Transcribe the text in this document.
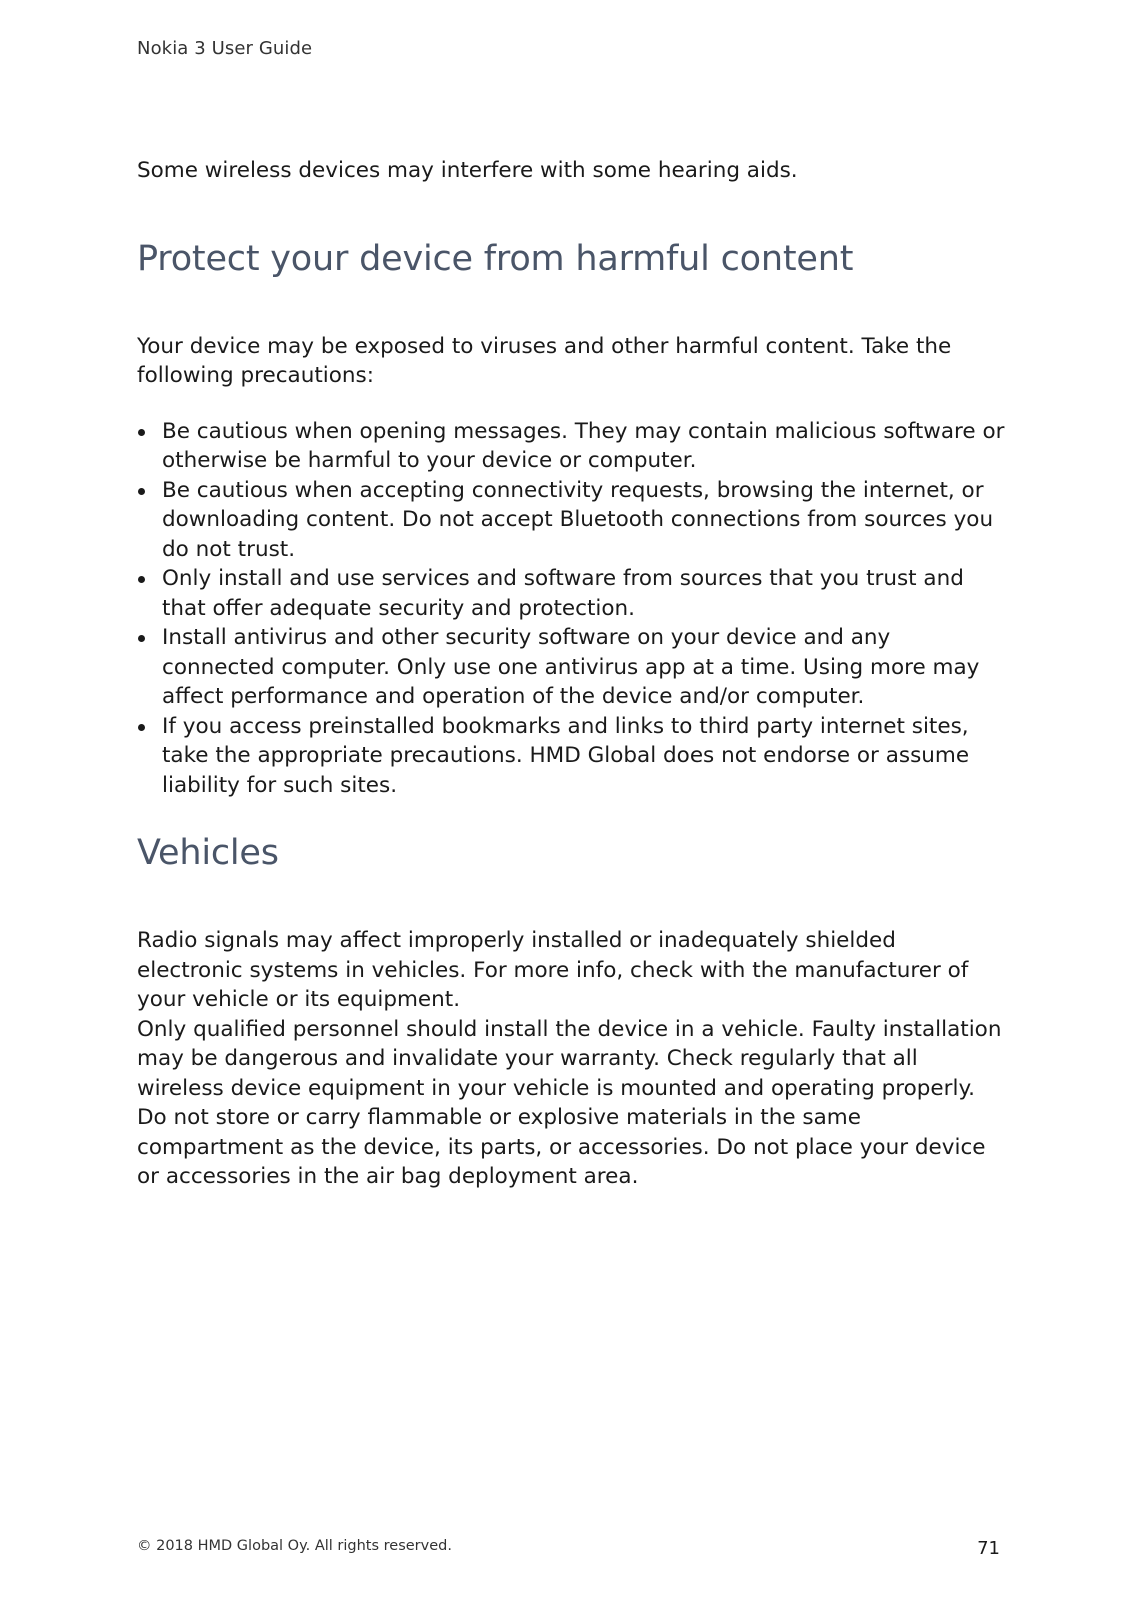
Nokia 3 User Guide

Some wireless devices may interfere with some hearing aids.

Protect your device from harmful content

Your device may be exposed to viruses and other harmful content. Take the following precautions:

Be cautious when opening messages. They may contain malicious software or otherwise be harmful to your device or computer.
Be cautious when accepting connectivity requests, browsing the internet, or downloading content. Do not accept Bluetooth connections from sources you do not trust.
Only install and use services and software from sources that you trust and that offer adequate security and protection.
Install antivirus and other security software on your device and any connected computer. Only use one antivirus app at a time. Using more may affect performance and operation of the device and/or computer.
If you access preinstalled bookmarks and links to third party internet sites, take the appropriate precautions. HMD Global does not endorse or assume liability for such sites.
Vehicles

Radio signals may affect improperly installed or inadequately shielded electronic systems in vehicles. For more info, check with the manufacturer of your vehicle or its equipment.

Only qualified personnel should install the device in a vehicle. Faulty installation may be dangerous and invalidate your warranty. Check regularly that all wireless device equipment in your vehicle is mounted and operating properly. Do not store or carry flammable or explosive materials in the same compartment as the device, its parts, or accessories. Do not place your device or accessories in the air bag deployment area.

© 2018 HMD Global Oy. All rights reserved.	71
